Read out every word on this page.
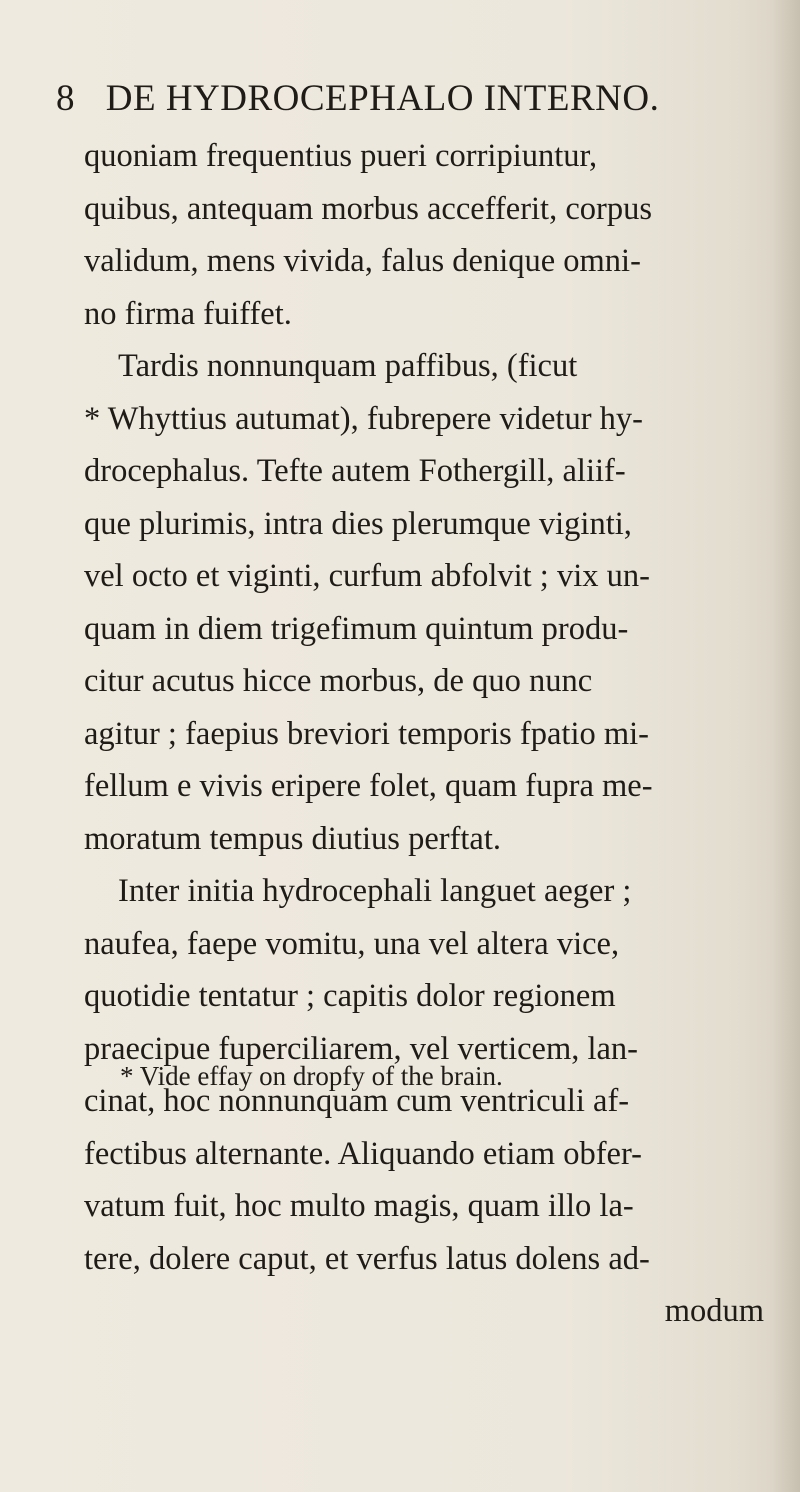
8 DE HYDROCEPHALO INTERNO.
quoniam frequentius pueri corripiuntur,
quibus, antequam morbus accefferit, corpus
validum, mens vivida, falus denique omni-
no firma fuiffet.
Tardis nonnunquam paffibus, (ficut
* Whyttius autumat), fubrepere videtur hy-
drocephalus. Tefte autem Fothergill, aliif-
que plurimis, intra dies plerumque viginti,
vel octo et viginti, curfum abfolvit ; vix un-
quam in diem trigefimum quintum produ-
citur acutus hicce morbus, de quo nunc
agitur ; faepius breviori temporis fpatio mi-
fellum e vivis eripere folet, quam fupra me-
moratum tempus diutius perftat.
Inter initia hydrocephali languet aeger ;
naufea, faepe vomitu, una vel altera vice,
quotidie tentatur ; capitis dolor regionem
praecipue fuperciliarem, vel verticem, lan-
cinat, hoc nonnunquam cum ventriculi af-
fectibus alternante. Aliquando etiam obfer-
vatum fuit, hoc multo magis, quam illo la-
tere, dolere caput, et verfus latus dolens ad-
modum
* Vide effay on dropfy of the brain.
